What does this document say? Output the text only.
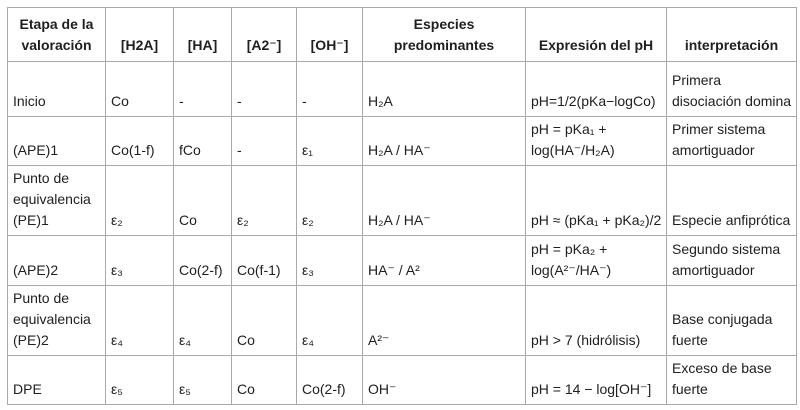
Etapa de la valoración	[H2A]	[HA]	[A2⁻]	[OH⁻]	Especies predominantes	Expresión del pH	interpretación
Inicio	Co	-	-	-	H₂A	pH=1/2(pKa−logCo)	Primera disociación domina
(APE)1	Co(1-f)	fCo	-	ε₁	H₂A / HA⁻	pH = pKa₁ + log(HA⁻/H₂A)	Primer sistema amortiguador
Punto de equivalencia (PE)1	ε₂	Co	ε₂	ε₂	H₂A / HA⁻	pH ≈ (pKa₁ + pKa₂)/2	Especie anfiprótica
(APE)2	ε₃	Co(2-f)	Co(f-1)	ε₃	HA⁻ / A²	pH = pKa₂ + log(A²⁻/HA⁻)	Segundo sistema amortiguador
Punto de equivalencia (PE)2	ε₄	ε₄	Co	ε₄	A²⁻	pH > 7 (hidrólisis)	Base conjugada fuerte
DPE	ε₅	ε₅	Co	Co(2-f)	OH⁻	pH = 14 − log[OH⁻]	Exceso de base fuerte
